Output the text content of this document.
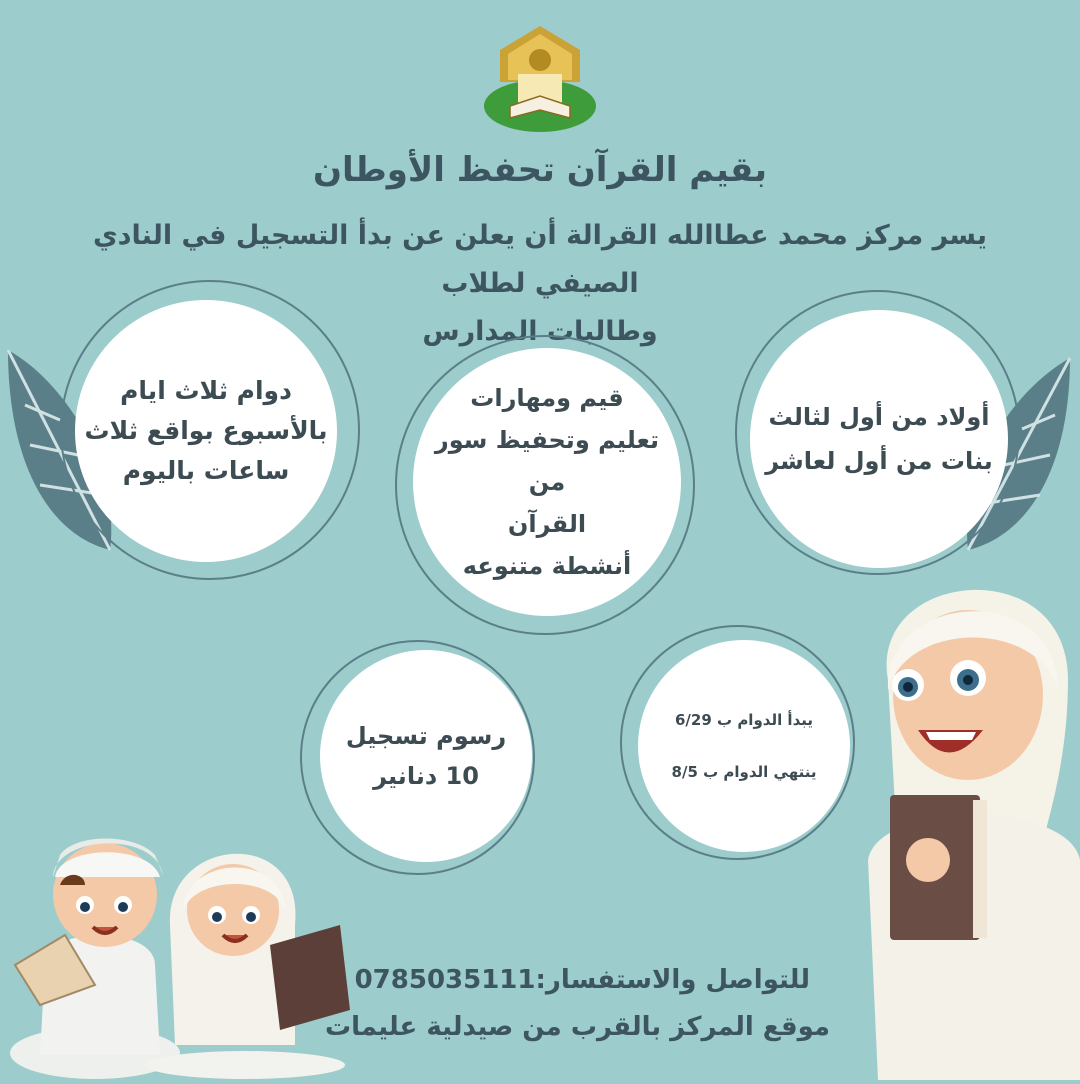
بقيم القرآن تحفظ الأوطان
يسر مركز محمد عطاالله القرالة أن يعلن عن بدأ التسجيل في النادي الصيفي لطلاب
وطالبات المدارس
دوام ثلاث ايام
بالأسبوع بواقع ثلاث
ساعات باليوم
قيم ومهارات
تعليم وتحفيظ سور من
القرآن
أنشطة متنوعه
أولاد من أول لثالث
بنات من أول لعاشر
رسوم تسجيل
10 دنانير
يبدأ الدوام ب 6/29
ينتهي الدوام ب 8/5
للتواصل والاستفسار:0785035111
موقع المركز بالقرب من صيدلية عليمات
